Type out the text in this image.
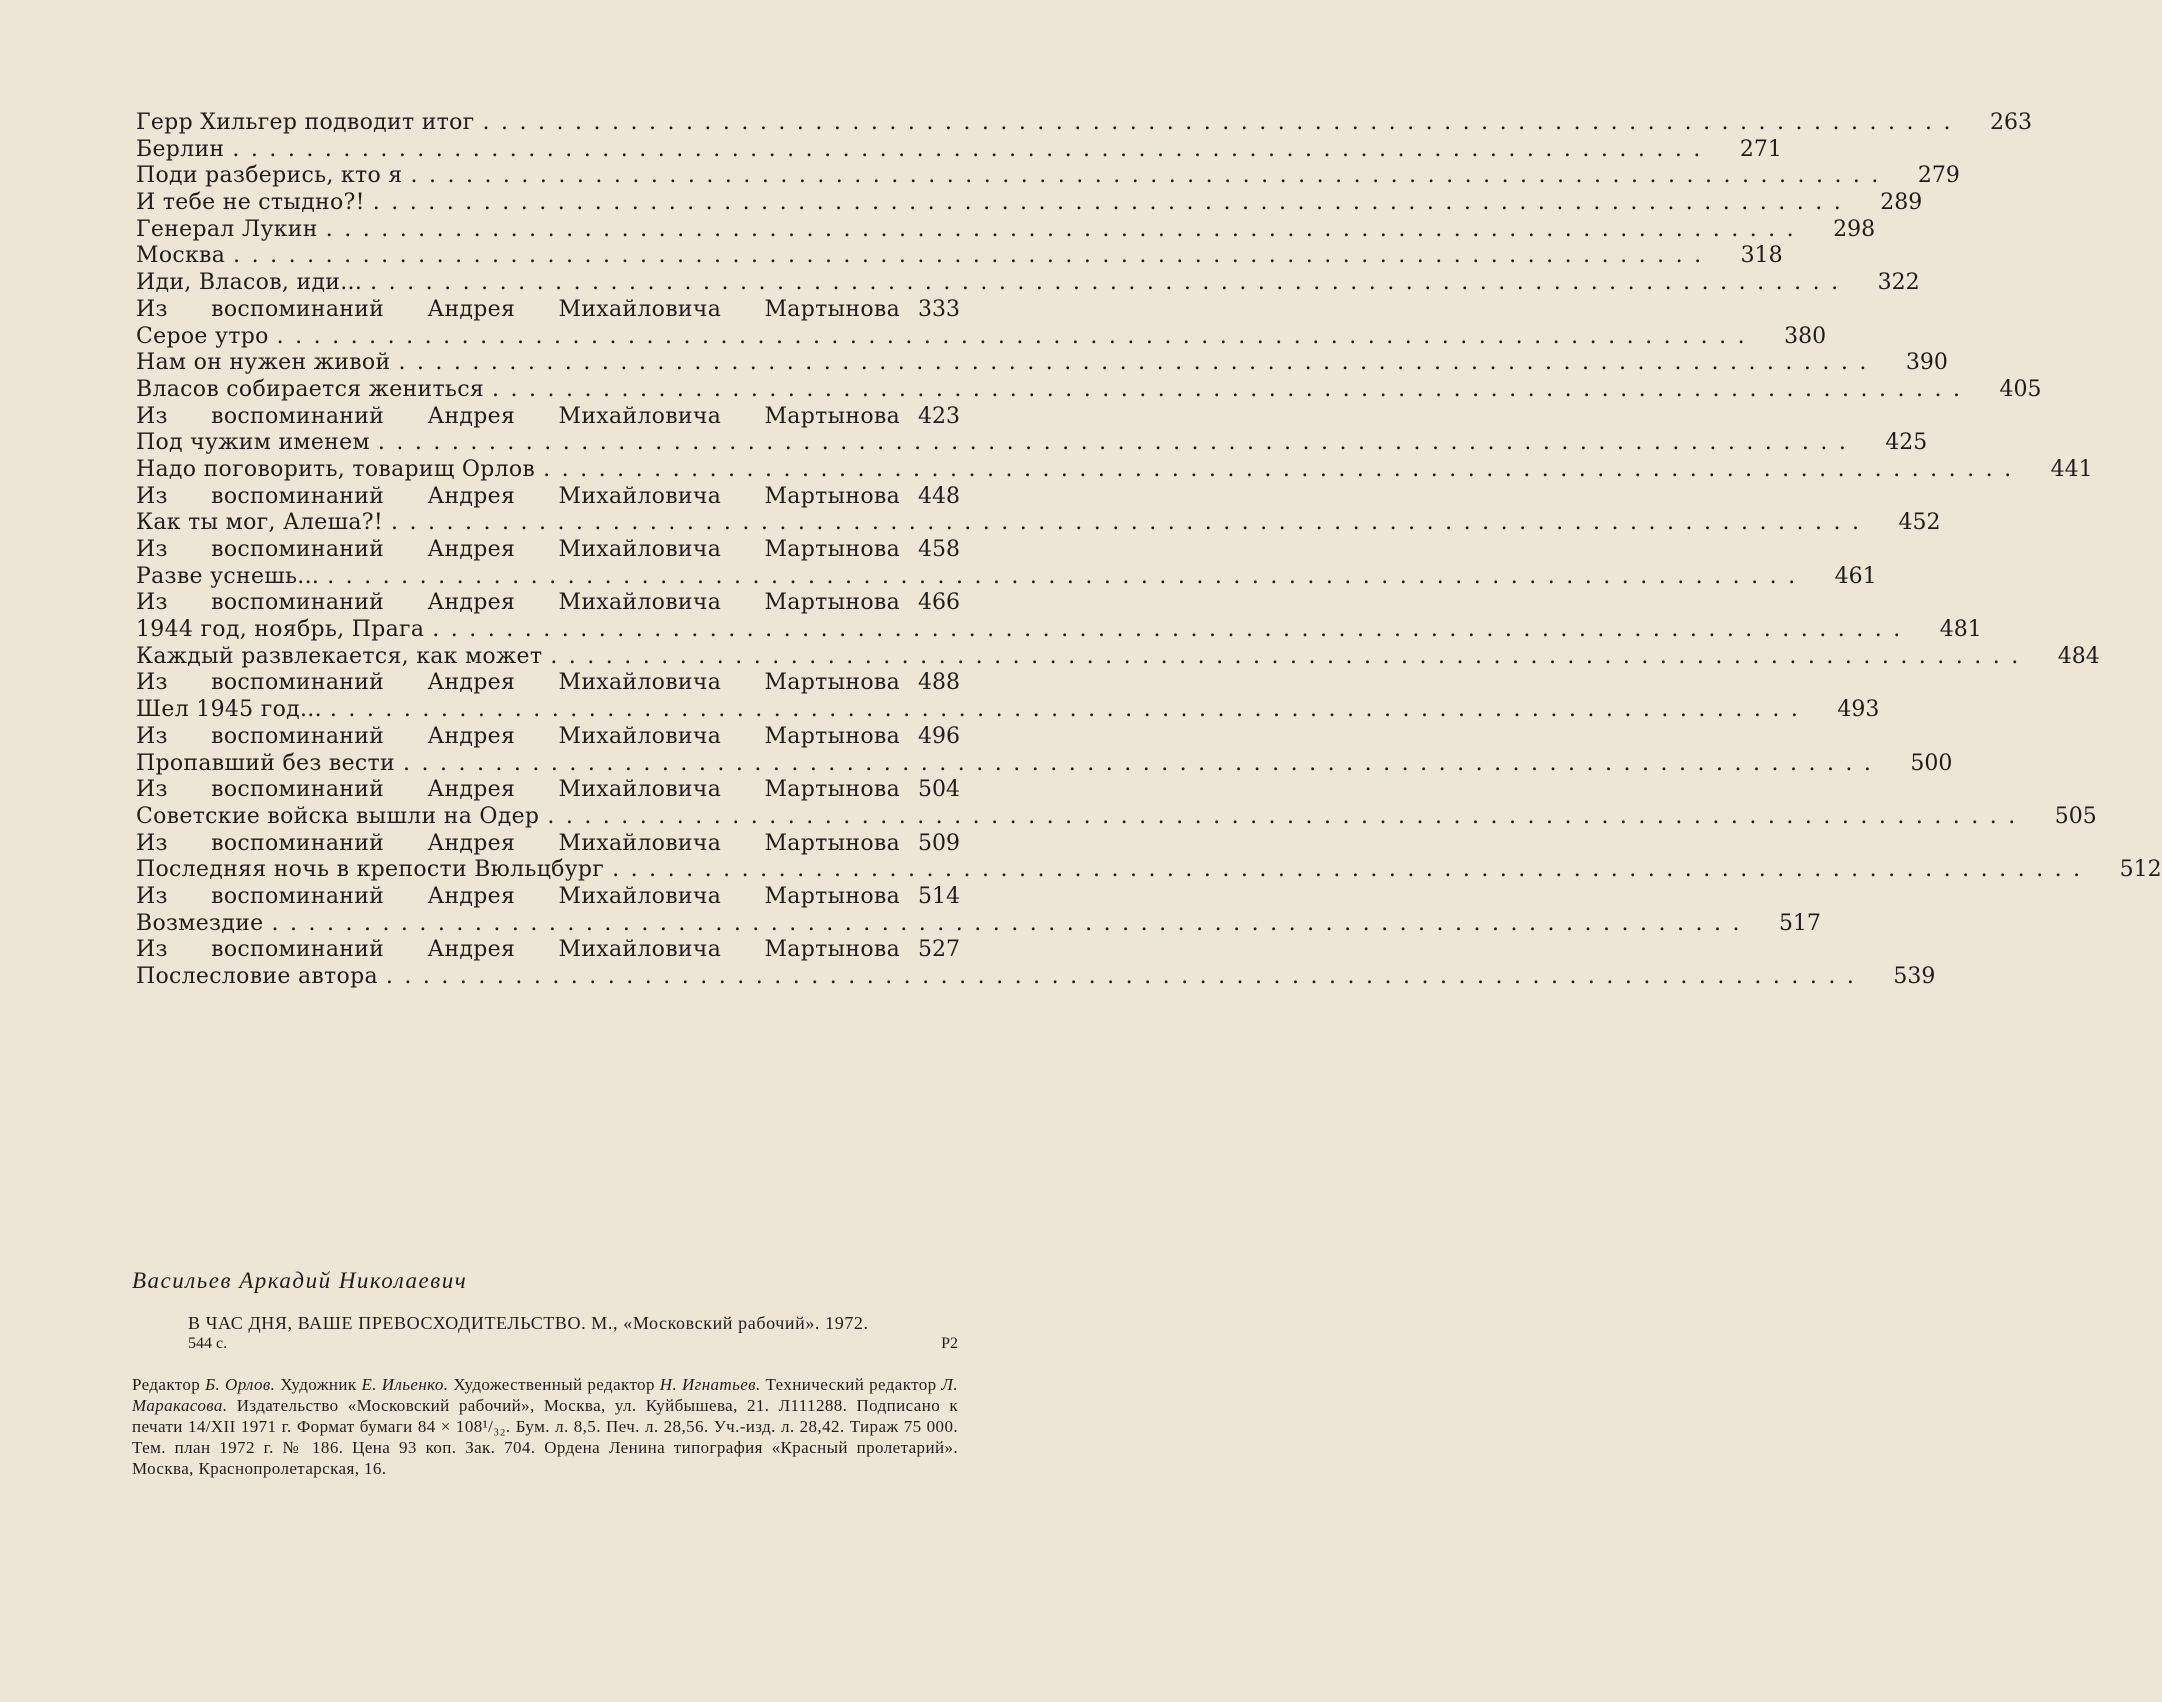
Герр Хильгер подводит итог ................................................................................ 263
Берлин ................................................................................ 271
Поди разберись, кто я ................................................................................ 279
И тебе не стыдно?! ................................................................................ 289
Генерал Лукин ................................................................................ 298
Москва ................................................................................ 318
Иди, Власов, иди... ................................................................................ 322
Из воспоминаний Андрея Михайловича Мартынова 333
Серое утро ................................................................................ 380
Нам он нужен живой ................................................................................ 390
Власов собирается жениться ................................................................................ 405
Из воспоминаний Андрея Михайловича Мартынова 423
Под чужим именем ................................................................................ 425
Надо поговорить, товарищ Орлов ................................................................................ 441
Из воспоминаний Андрея Михайловича Мартынова 448
Как ты мог, Алеша?! ................................................................................ 452
Из воспоминаний Андрея Михайловича Мартынова 458
Разве уснешь... ................................................................................ 461
Из воспоминаний Андрея Михайловича Мартынова 466
1944 год, ноябрь, Прага ................................................................................ 481
Каждый развлекается, как может ................................................................................ 484
Из воспоминаний Андрея Михайловича Мартынова 488
Шел 1945 год... ................................................................................ 493
Из воспоминаний Андрея Михайловича Мартынова 496
Пропавший без вести ................................................................................ 500
Из воспоминаний Андрея Михайловича Мартынова 504
Советские войска вышли на Одер ................................................................................ 505
Из воспоминаний Андрея Михайловича Мартынова 509
Последняя ночь в крепости Вюльцбург ................................................................................ 512
Из воспоминаний Андрея Михайловича Мартынова 514
Возмездие ................................................................................ 517
Из воспоминаний Андрея Михайловича Мартынова 527
Послесловие автора ................................................................................ 539
Васильев Аркадий Николаевич
В ЧАС ДНЯ, ВАШЕ ПРЕВОСХОДИТЕЛЬСТВО. М., «Московский рабочий». 1972.
544 с.	Р2
Редактор Б. Орлов. Художник Е. Ильенко. Художественный редактор Н. Игнатьев. Технический редактор Л. Маракасова. Издательство «Московский рабочий», Москва, ул. Куйбышева, 21. Л111288. Подписано к печати 14/XII 1971 г. Формат бумаги 84 × 108¹/₃₂. Бум. л. 8,5. Печ. л. 28,56. Уч.-изд. л. 28,42. Тираж 75 000. Тем. план 1972 г. № 186. Цена 93 коп. Зак. 704. Ордена Ленина типография «Красный пролетарий». Москва, Краснопролетарская, 16.
